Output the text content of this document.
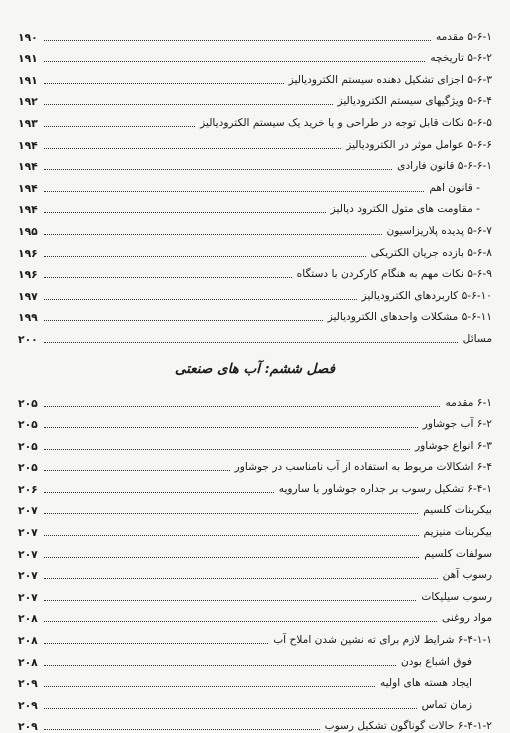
۵-۶-۱ مقدمه
۱۹۰
۵-۶-۲ تاریخچه
۱۹۱
۵-۶-۳ اجزای تشکیل دهنده سیستم الکترودیالیز
۱۹۱
۵-۶-۴ ویژگیهای سیستم الکترودیالیز
۱۹۲
۵-۶-۵ نکات قابل توجه در طراحی و یا خرید یک سیستم الکترودیالیز
۱۹۳
۵-۶-۶ عوامل موثر در الکترودیالیز
۱۹۴
۵-۶-۶-۱ قانون فارادی
۱۹۴
- قانون اهم
۱۹۴
- مقاومت های متول الکترود دیالیز
۱۹۴
۵-۶-۷ پدیده پلاریزاسیون
۱۹۵
۵-۶-۸ بازده جریان الکتریکی
۱۹۶
۵-۶-۹ نکات مهم به هنگام کارکردن با دستگاه
۱۹۶
۵-۶-۱۰ کاربردهای الکترودیالیز
۱۹۷
۵-۶-۱۱ مشکلات واحدهای الکترودیالیز
۱۹۹
مسائل
۲۰۰
فصل ششم: آب های صنعتی
۶-۱ مقدمه
۲۰۵
۶-۲ آب جوشاور
۲۰۵
۶-۳ انواع جوشاور
۲۰۵
۶-۴ اشکالات مربوط به استفاده از آب نامناسب در جوشاور
۲۰۵
۶-۴-۱ تشکیل رسوب بر جداره جوشاور یا سارویه
۲۰۶
بیکربنات کلسیم
۲۰۷
بیکربنات منیزیم
۲۰۷
سولفات کلسیم
۲۰۷
رسوب آهن
۲۰۷
رسوب سیلیکات
۲۰۷
مواد روغنی
۲۰۸
۶-۴-۱-۱ شرایط لازم برای ته نشین شدن املاح آب
۲۰۸
فوق اشباع بودن
۲۰۸
ایجاد هسته های اولیه
۲۰۹
زمان تماس
۲۰۹
۶-۴-۱-۲ حالات گوناگون تشکیل رسوب
۲۰۹
